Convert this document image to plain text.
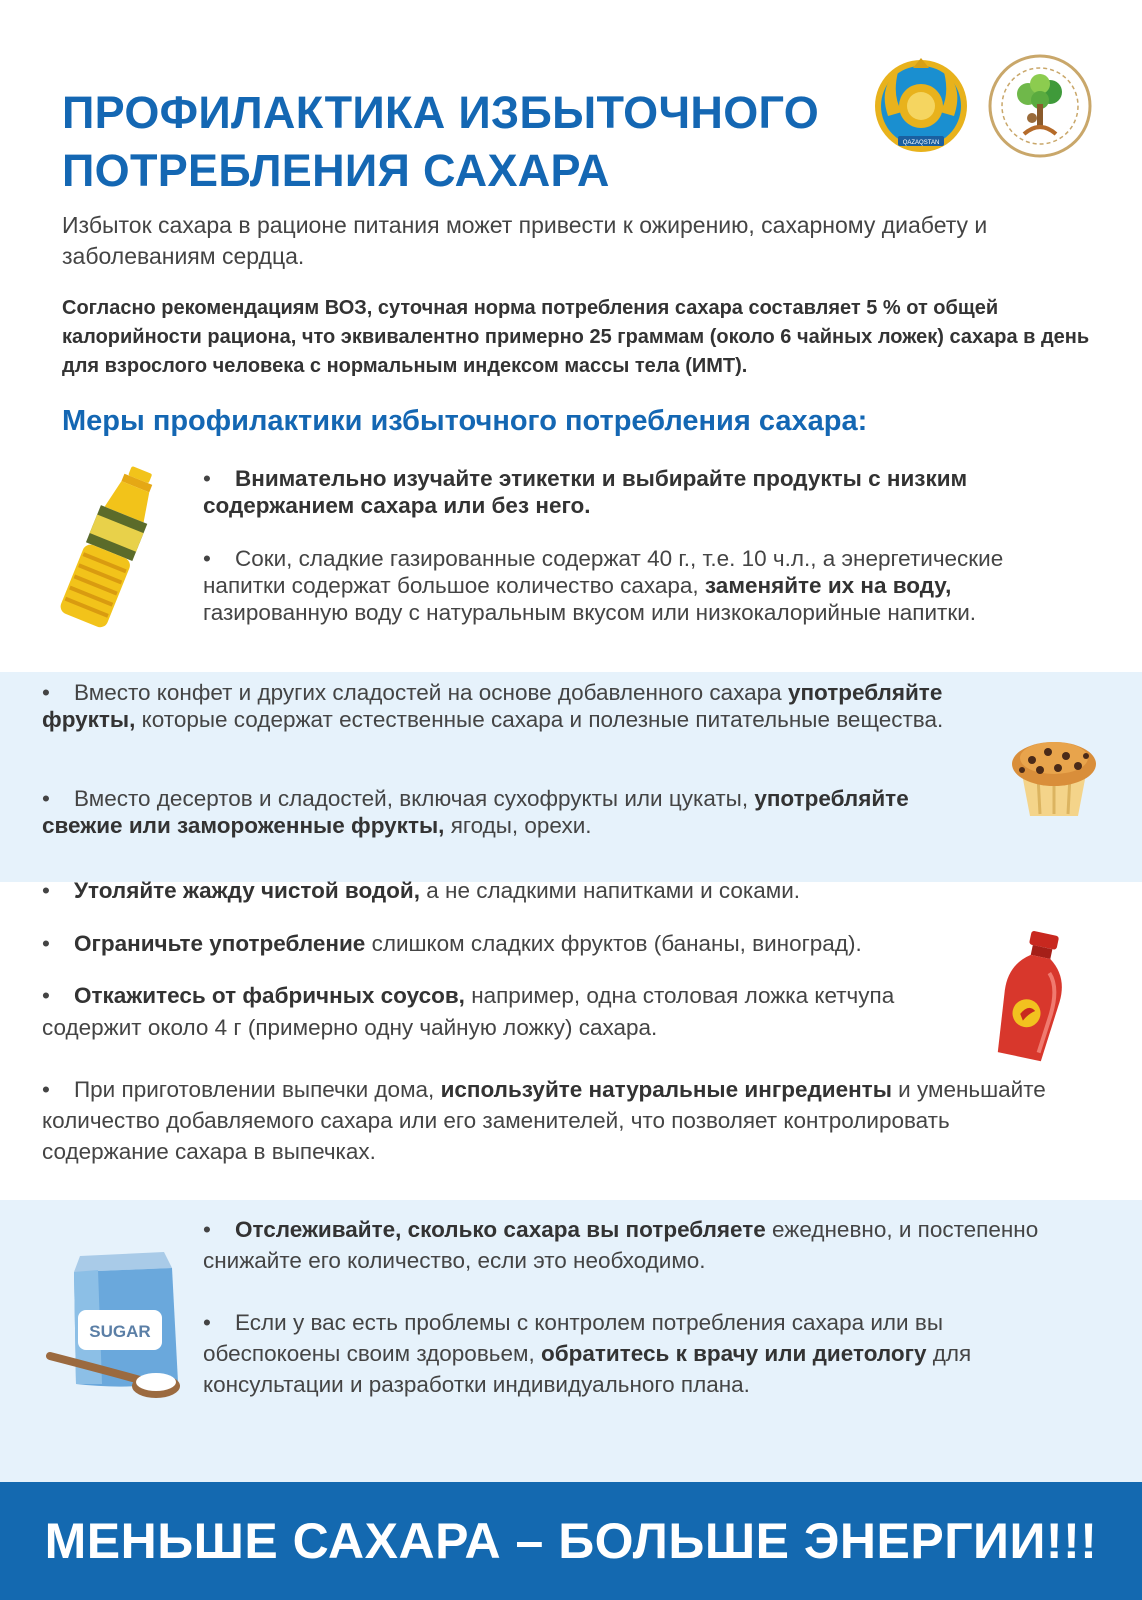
ПРОФИЛАКТИКА ИЗБЫТОЧНОГО
ПОТРЕБЛЕНИЯ САХАРА
QAZAQSTAN

Избыток сахара в рационе питания может привести к ожирению, сахарному диабету и заболеваниям сердца.

Согласно рекомендациям ВОЗ, суточная норма потребления сахара составляет 5 % от общей калорийности рациона, что эквивалентно примерно 25 граммам (около 6 чайных ложек) сахара в день для взрослого человека с нормальным индексом массы тела (ИМТ).

Меры профилактики избыточного потребления сахара:

• Внимательно изучайте этикетки и выбирайте продукты с низким содержанием сахара или без него.

• Соки, сладкие газированные содержат 40 г., т.е. 10 ч.л., а энергетические напитки содержат большое количество сахара, заменяйте их на воду, газированную воду с натуральным вкусом или низкокалорийные напитки.

• Вместо конфет и других сладостей на основе добавленного сахара употребляйте фрукты, которые содержат естественные сахара и полезные питательные вещества.

• Вместо десертов и сладостей, включая сухофрукты или цукаты, употребляйте свежие или замороженные фрукты, ягоды, орехи.

• Утоляйте жажду чистой водой, а не сладкими напитками и соками.

• Ограничьте употребление слишком сладких фруктов (бананы, виноград).

• Откажитесь от фабричных соусов, например, одна столовая ложка кетчупа содержит около 4 г (примерно одну чайную ложку) сахара.

• При приготовлении выпечки дома, используйте натуральные ингредиенты и уменьшайте количество добавляемого сахара или его заменителей, что позволяет контролировать содержание сахара в выпечках.

• Отслеживайте, сколько сахара вы потребляете ежедневно, и постепенно снижайте его количество, если это необходимо.

• Если у вас есть проблемы с контролем потребления сахара или вы обеспокоены своим здоровьем, обратитесь к врачу или диетологу для консультации и разработки индивидуального плана.

SUGAR
МЕНЬШЕ САХАРА – БОЛЬШЕ ЭНЕРГИИ!!!
